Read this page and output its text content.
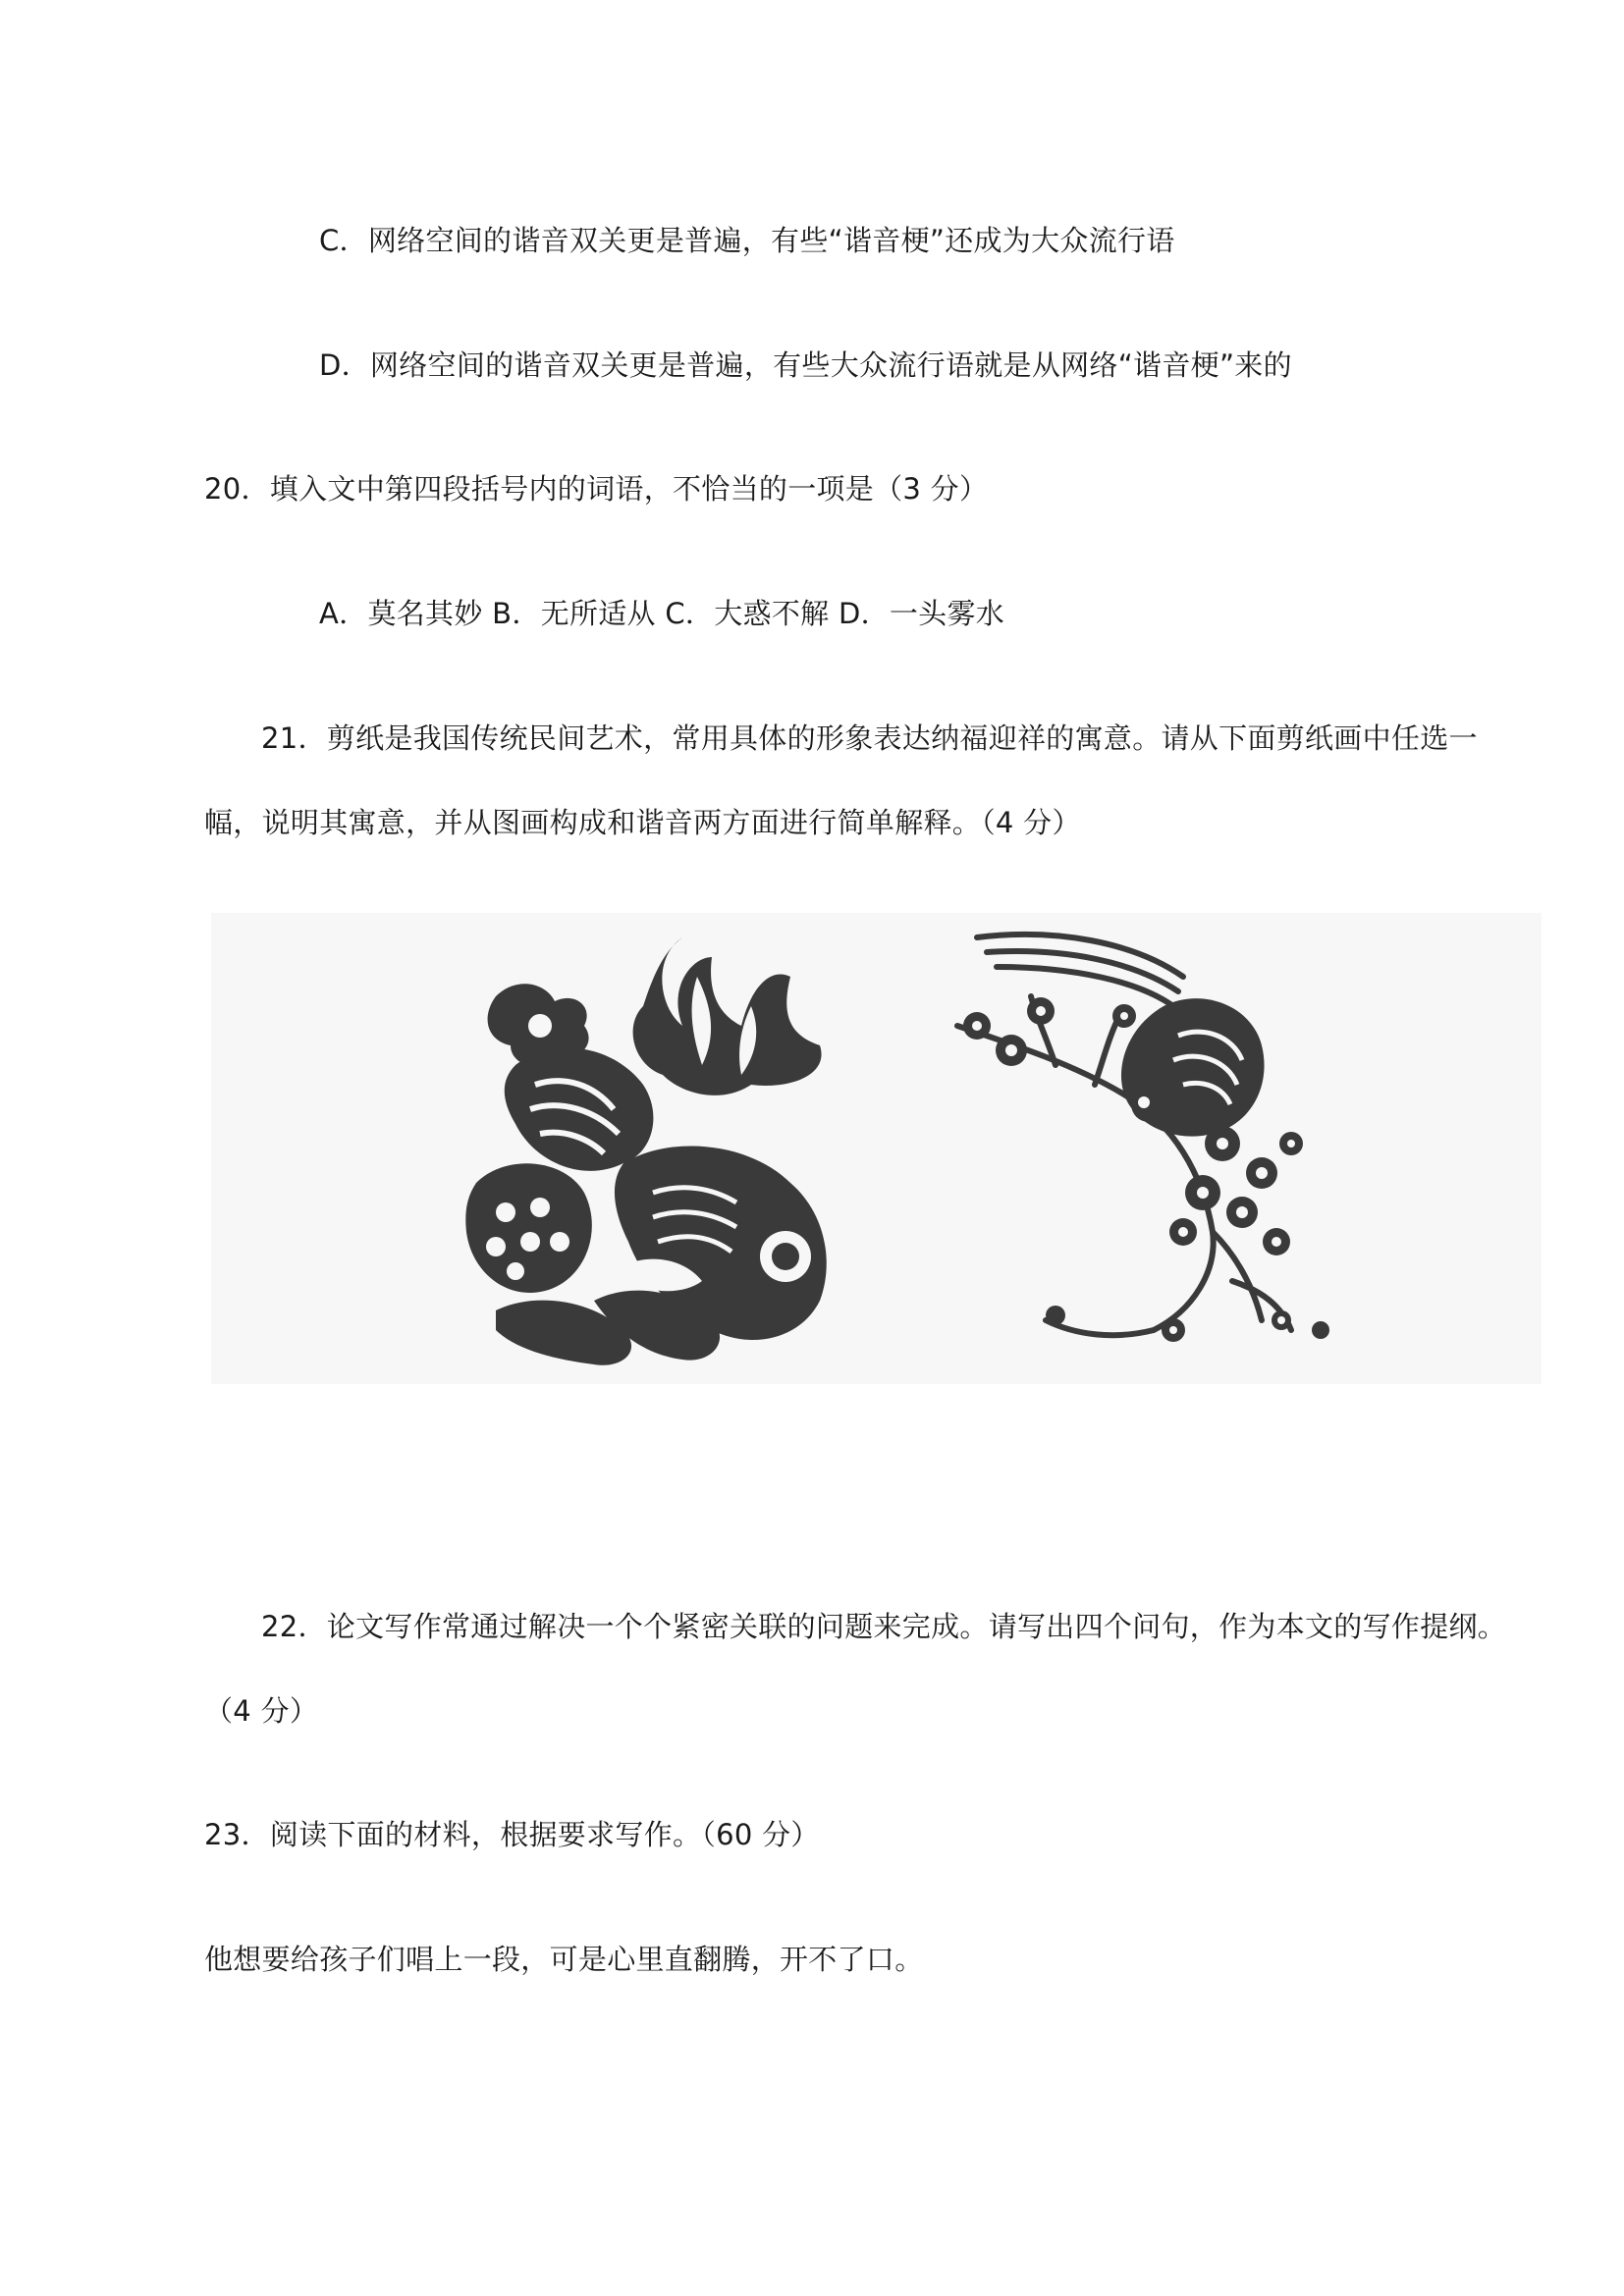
C．网络空间的谐音双关更是普遍，有些“谐音梗”还成为大众流行语
D．网络空间的谐音双关更是普遍，有些大众流行语就是从网络“谐音梗”来的
20．填入文中第四段括号内的词语，不恰当的一项是（3 分）
A．莫名其妙 B．无所适从 C．大惑不解 D．一头雾水
21．剪纸是我国传统民间艺术，常用具体的形象表达纳福迎祥的寓意。请从下面剪纸画中任选一
幅，说明其寓意，并从图画构成和谐音两方面进行简单解释。（4 分）
22．论文写作常通过解决一个个紧密关联的问题来完成。请写出四个问句，作为本文的写作提纲。
（4 分）
23．阅读下面的材料，根据要求写作。（60 分）
他想要给孩子们唱上一段，可是心里直翻腾，开不了口。
